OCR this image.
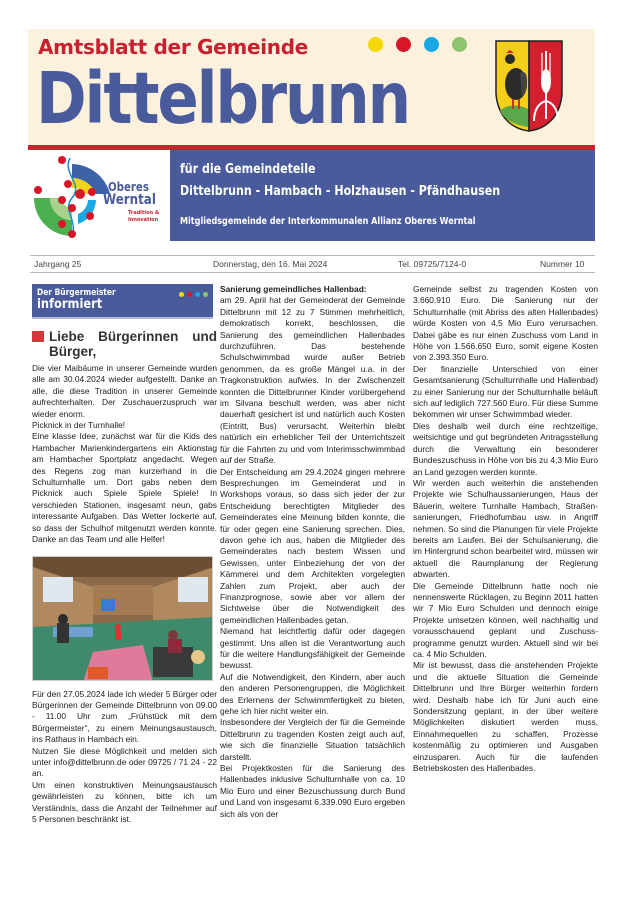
Amtsblatt der Gemeinde
Dittelbrunn
Oberes
Werntal
Tradition &
Innovation
für die Gemeindeteile
Dittelbrunn - Hambach - Holzhausen - Pfändhausen
Mitgliedsgemeinde der Interkommunalen Allianz Oberes Werntal
Jahrgang 25	Donnerstag, den 16. Mai 2024	Tel. 09725/7124-0	Nummer 10
Der Bürgermeister
informiert
Liebe Bürgerinnen und Bürger,

Die vier Maibäume in unserer Gemeinde wurden alle am 30.04.2024 wieder aufgestellt. Danke an alle, die diese Tradition in unserer Gemeinde aufrechterhalten. Der Zuschauerzuspruch war wieder enorm.

Picknick in der Turnhalle!

Eine klasse Idee, zunächst war für die Kids des Hambacher Marienkindergartens ein Aktionstag am Hambacher Sportplatz angedacht. Wegen des Regens zog man kurzerhand in die Schulturnhalle um. Dort gabs neben dem Picknick auch Spiele Spiele Spiele! In verschieden Stationen, insgesamt neun, gabs interessante Aufgaben. Das Wetter lockerte auf, so dass der Schulhof mitgenutzt werden konnte. Danke an das Team und alle Helfer!

Für den 27.05.2024 lade ich wieder 5 Bürger oder Bürgerinnen der Gemeinde Dittelbrunn von 09.00 - 11.00 Uhr zum „Frühstück mit dem Bürgermeister“, zu einem Meinungsaustausch, ins Rathaus in Hambach ein.

Nutzen Sie diese Möglichkeit und melden sich unter info@dittelbrunn.de oder 09725 / 71 24 - 22 an.

Um einen konstruktiven Meinungsaustausch gewährleisten zu können, bitte ich um Verständnis, dass die Anzahl der Teilnehmer auf 5 Personen beschränkt ist.

Sanierung gemeindliches Hallenbad:

am 29. April hat der Gemeinderat der Gemeinde Dittelbrunn mit 12 zu 7 Stimmen mehrheitlich, demokratisch korrekt, beschlossen, die Sanierung des gemeindlichen Hallenbades durchzuführen. Das bestehende Schulschwimmbad wurde außer Betrieb genommen, da es große Mängel u.a. in der Tragkonstruktion aufwies. In der Zwischenzeit konnten die Dittelbrunner Kinder vorübergehend im Silvana beschult werden, was aber nicht dauerhaft gesichert ist und natürlich auch Kosten (Eintritt, Bus) verursacht. Weiterhin bleibt natürlich ein erheblicher Teil der Unterrichtszeit für die Fahrten zu und vom Interimsschwimmbad auf der Straße.

Der Entscheidung am 29.4.2024 gingen mehrere Besprechungen im Gemeinderat und in Workshops voraus, so dass sich jeder der zur Entscheidung berechtigten Mitglieder des Gemeinderates eine Meinung bilden konnte, die für oder gegen eine Sanierung sprechen. Dies, davon gehe ich aus, haben die Mitglieder des Gemeinderates nach bestem Wissen und Gewissen, unter Einbeziehung der von der Kämmerei und dem Architekten vorgelegten Zahlen zum Projekt, aber auch der Finanzprognose, sowie aber vor allem der Sichtweise über die Notwendigkeit des gemeindlichen Hallenbades getan.

Niemand hat leichtfertig dafür oder dagegen gestimmt. Uns allen ist die Verantwortung auch für die weitere Handlungsfähigkeit der Gemeinde bewusst.

Auf die Notwendigkeit, den Kindern, aber auch den anderen Personengruppen, die Möglichkeit des Erlernens der Schwimmfertigkeit zu bieten, gehe ich hier nicht weiter ein.

Insbesondere der Vergleich der für die Gemeinde Dittelbrunn zu tragenden Kosten zeigt auch auf, wie sich die finanzielle Situation tatsächlich darstellt.

Bei Projektkosten für die Sanierung des Hallenbades inklusive Schulturnhalle von ca. 10 Mio Euro und einer Bezuschussung durch Bund und Land von insgesamt 6.339.090 Euro ergeben sich als von der

Gemeinde selbst zu tragenden Kosten von 3.660.910 Euro. Die Sanierung nur der Schulturnhalle (mit Abriss des alten Hallenbades) würde Kosten von 4,5 Mio Euro verursachen. Dabei gäbe es nur einen Zuschuss vom Land in Höhe von 1.566.650 Euro, somit eigene Kosten von 2.393.350 Euro.

Der finanzielle Unterschied von einer Gesamtsanierung (Schulturnhalle und Hallenbad) zu einer Sanierung nur der Schulturnhalle beläuft sich auf lediglich 727.560 Euro. Für diese Summe bekommen wir unser Schwimmbad wieder.

Dies deshalb weil durch eine rechtzeitige, weitsichtige und gut begründeten Antragsstellung durch die Verwaltung ein besonderer Bundeszuschuss in Höhe von bis zu 4,3 Mio Euro an Land gezogen werden konnte.

Wir werden auch weiterhin die anstehenden Projekte wie Schulhaussanierungen, Haus der Bäuerin, weitere Turnhalle Hambach, Straßensanierungen, Friedhofumbau usw. in Angriff nehmen. So sind die Planungen für viele Projekte bereits am Laufen. Bei der Schulsanierung, die im Hintergrund schon bearbeitet wird, müssen wir aktuell die Raumplanung der Regierung abwarten.

Die Gemeinde Dittelbrunn hatte noch nie nennenswerte Rücklagen, zu Beginn 2011 hatten wir 7 Mio Euro Schulden und dennoch einige Projekte umsetzen können, weil nachhaltig und vorausschauend geplant und Zuschussprogramme genutzt wurden. Aktuell sind wir bei ca. 4 Mio Schulden.

Mir ist bewusst, dass die anstehenden Projekte und die aktuelle Situation die Gemeinde Dittelbrunn und Ihre Bürger weiterhin fordern wird. Deshalb habe ich für Juni auch eine Sondersitzung geplant, in der über weitere Möglichkeiten diskutiert werden muss, Einnahmequellen zu schaffen, Prozesse kostenmäßig zu optimieren und Ausgaben einzusparen. Auch für die laufenden Betriebskosten des Hallenbades.
